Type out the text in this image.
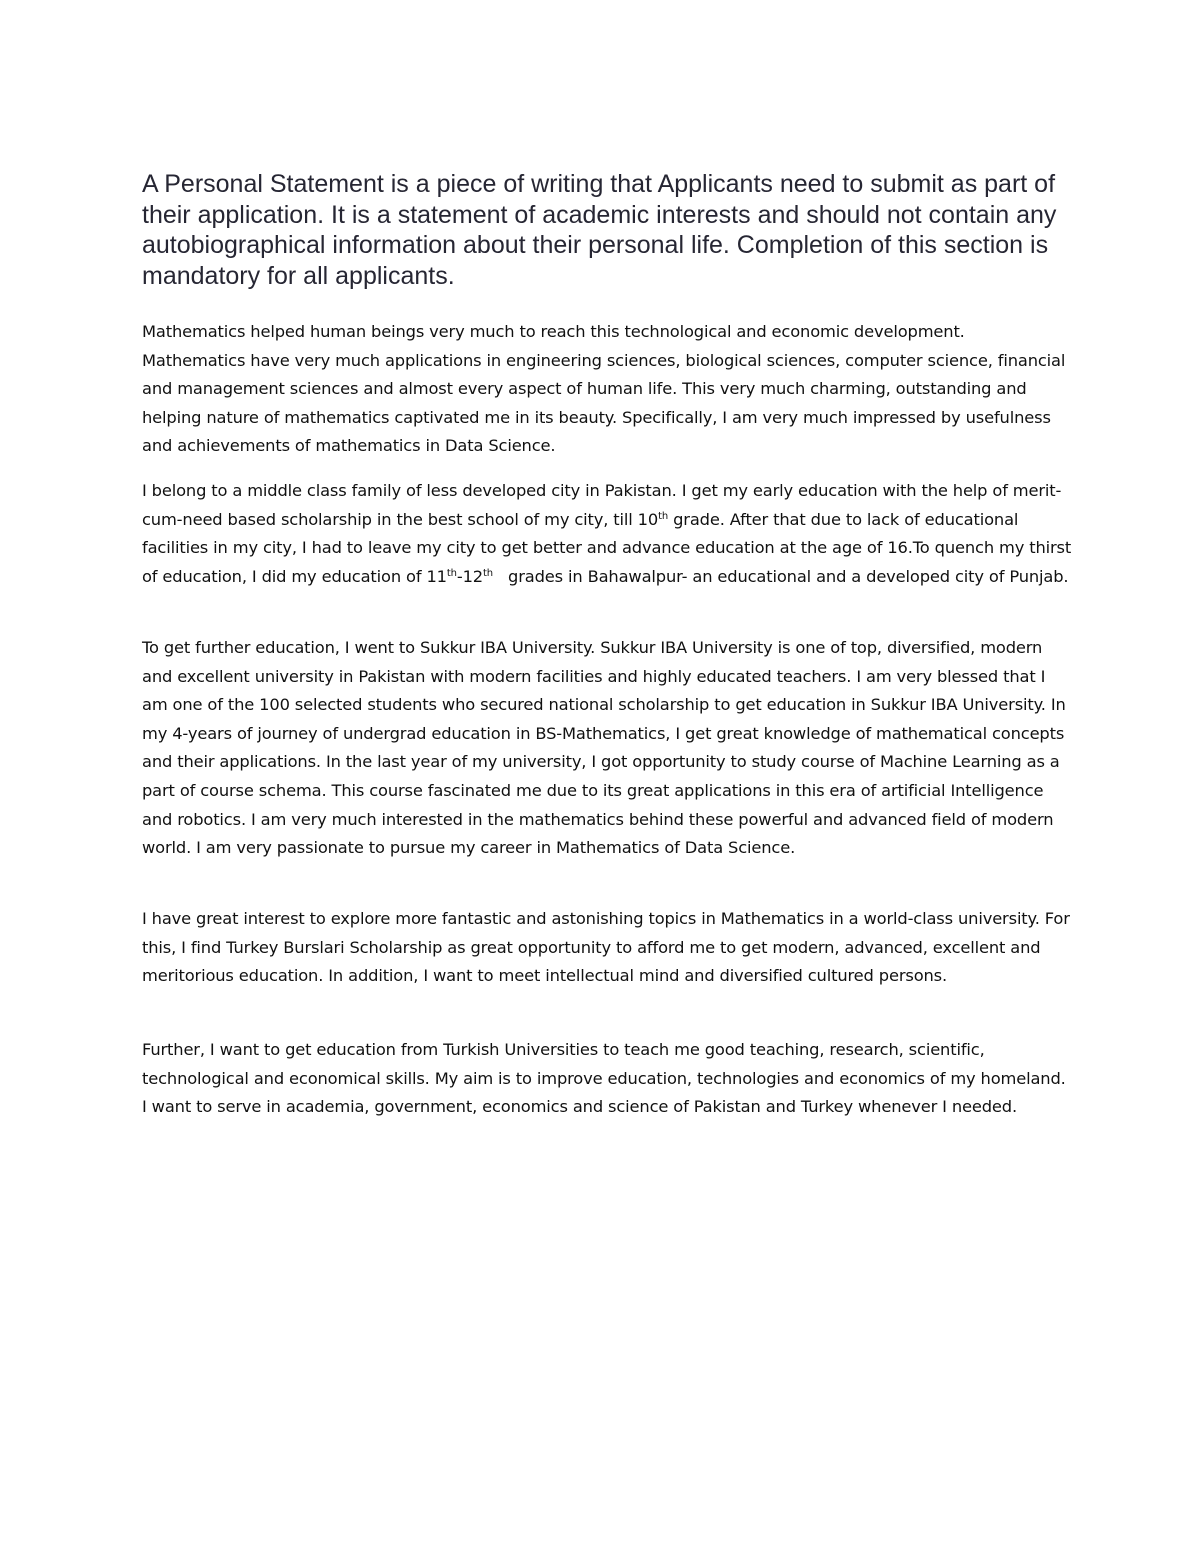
A Personal Statement is a piece of writing that Applicants need to submit as part of their application. It is a statement of academic interests and should not contain any autobiographical information about their personal life. Completion of this section is mandatory for all applicants.

Mathematics helped human beings very much to reach this technological and economic development. Mathematics have very much applications in engineering sciences, biological sciences, computer science, financial and management sciences and almost every aspect of human life. This very much charming, outstanding and helping nature of mathematics captivated me in its beauty. Specifically, I am very much impressed by usefulness and achievements of mathematics in Data Science.

I belong to a middle class family of less developed city in Pakistan. I get my early education with the help of merit-cum-need based scholarship in the best school of my city, till 10th grade. After that due to lack of educational facilities in my city, I had to leave my city to get better and advance education at the age of 16.To quench my thirst of education, I did my education of 11th-12th   grades in Bahawalpur- an educational and a developed city of Punjab.

To get further education, I went to Sukkur IBA University. Sukkur IBA University is one of top, diversified, modern and excellent university in Pakistan with modern facilities and highly educated teachers. I am very blessed that I am one of the 100 selected students who secured national scholarship to get education in Sukkur IBA University. In my 4-years of journey of undergrad education in BS-Mathematics, I get great knowledge of mathematical concepts and their applications. In the last year of my university, I got opportunity to study course of Machine Learning as a part of course schema. This course fascinated me due to its great applications in this era of artificial Intelligence and robotics. I am very much interested in the mathematics behind these powerful and advanced field of modern world. I am very passionate to pursue my career in Mathematics of Data Science.

I have great interest to explore more fantastic and astonishing topics in Mathematics in a world-class university. For this, I find Turkey Burslari Scholarship as great opportunity to afford me to get modern, advanced, excellent and meritorious education. In addition, I want to meet intellectual mind and diversified cultured persons.

Further, I want to get education from Turkish Universities to teach me good teaching, research, scientific, technological and economical skills. My aim is to improve education, technologies and economics of my homeland. I want to serve in academia, government, economics and science of Pakistan and Turkey whenever I needed.
